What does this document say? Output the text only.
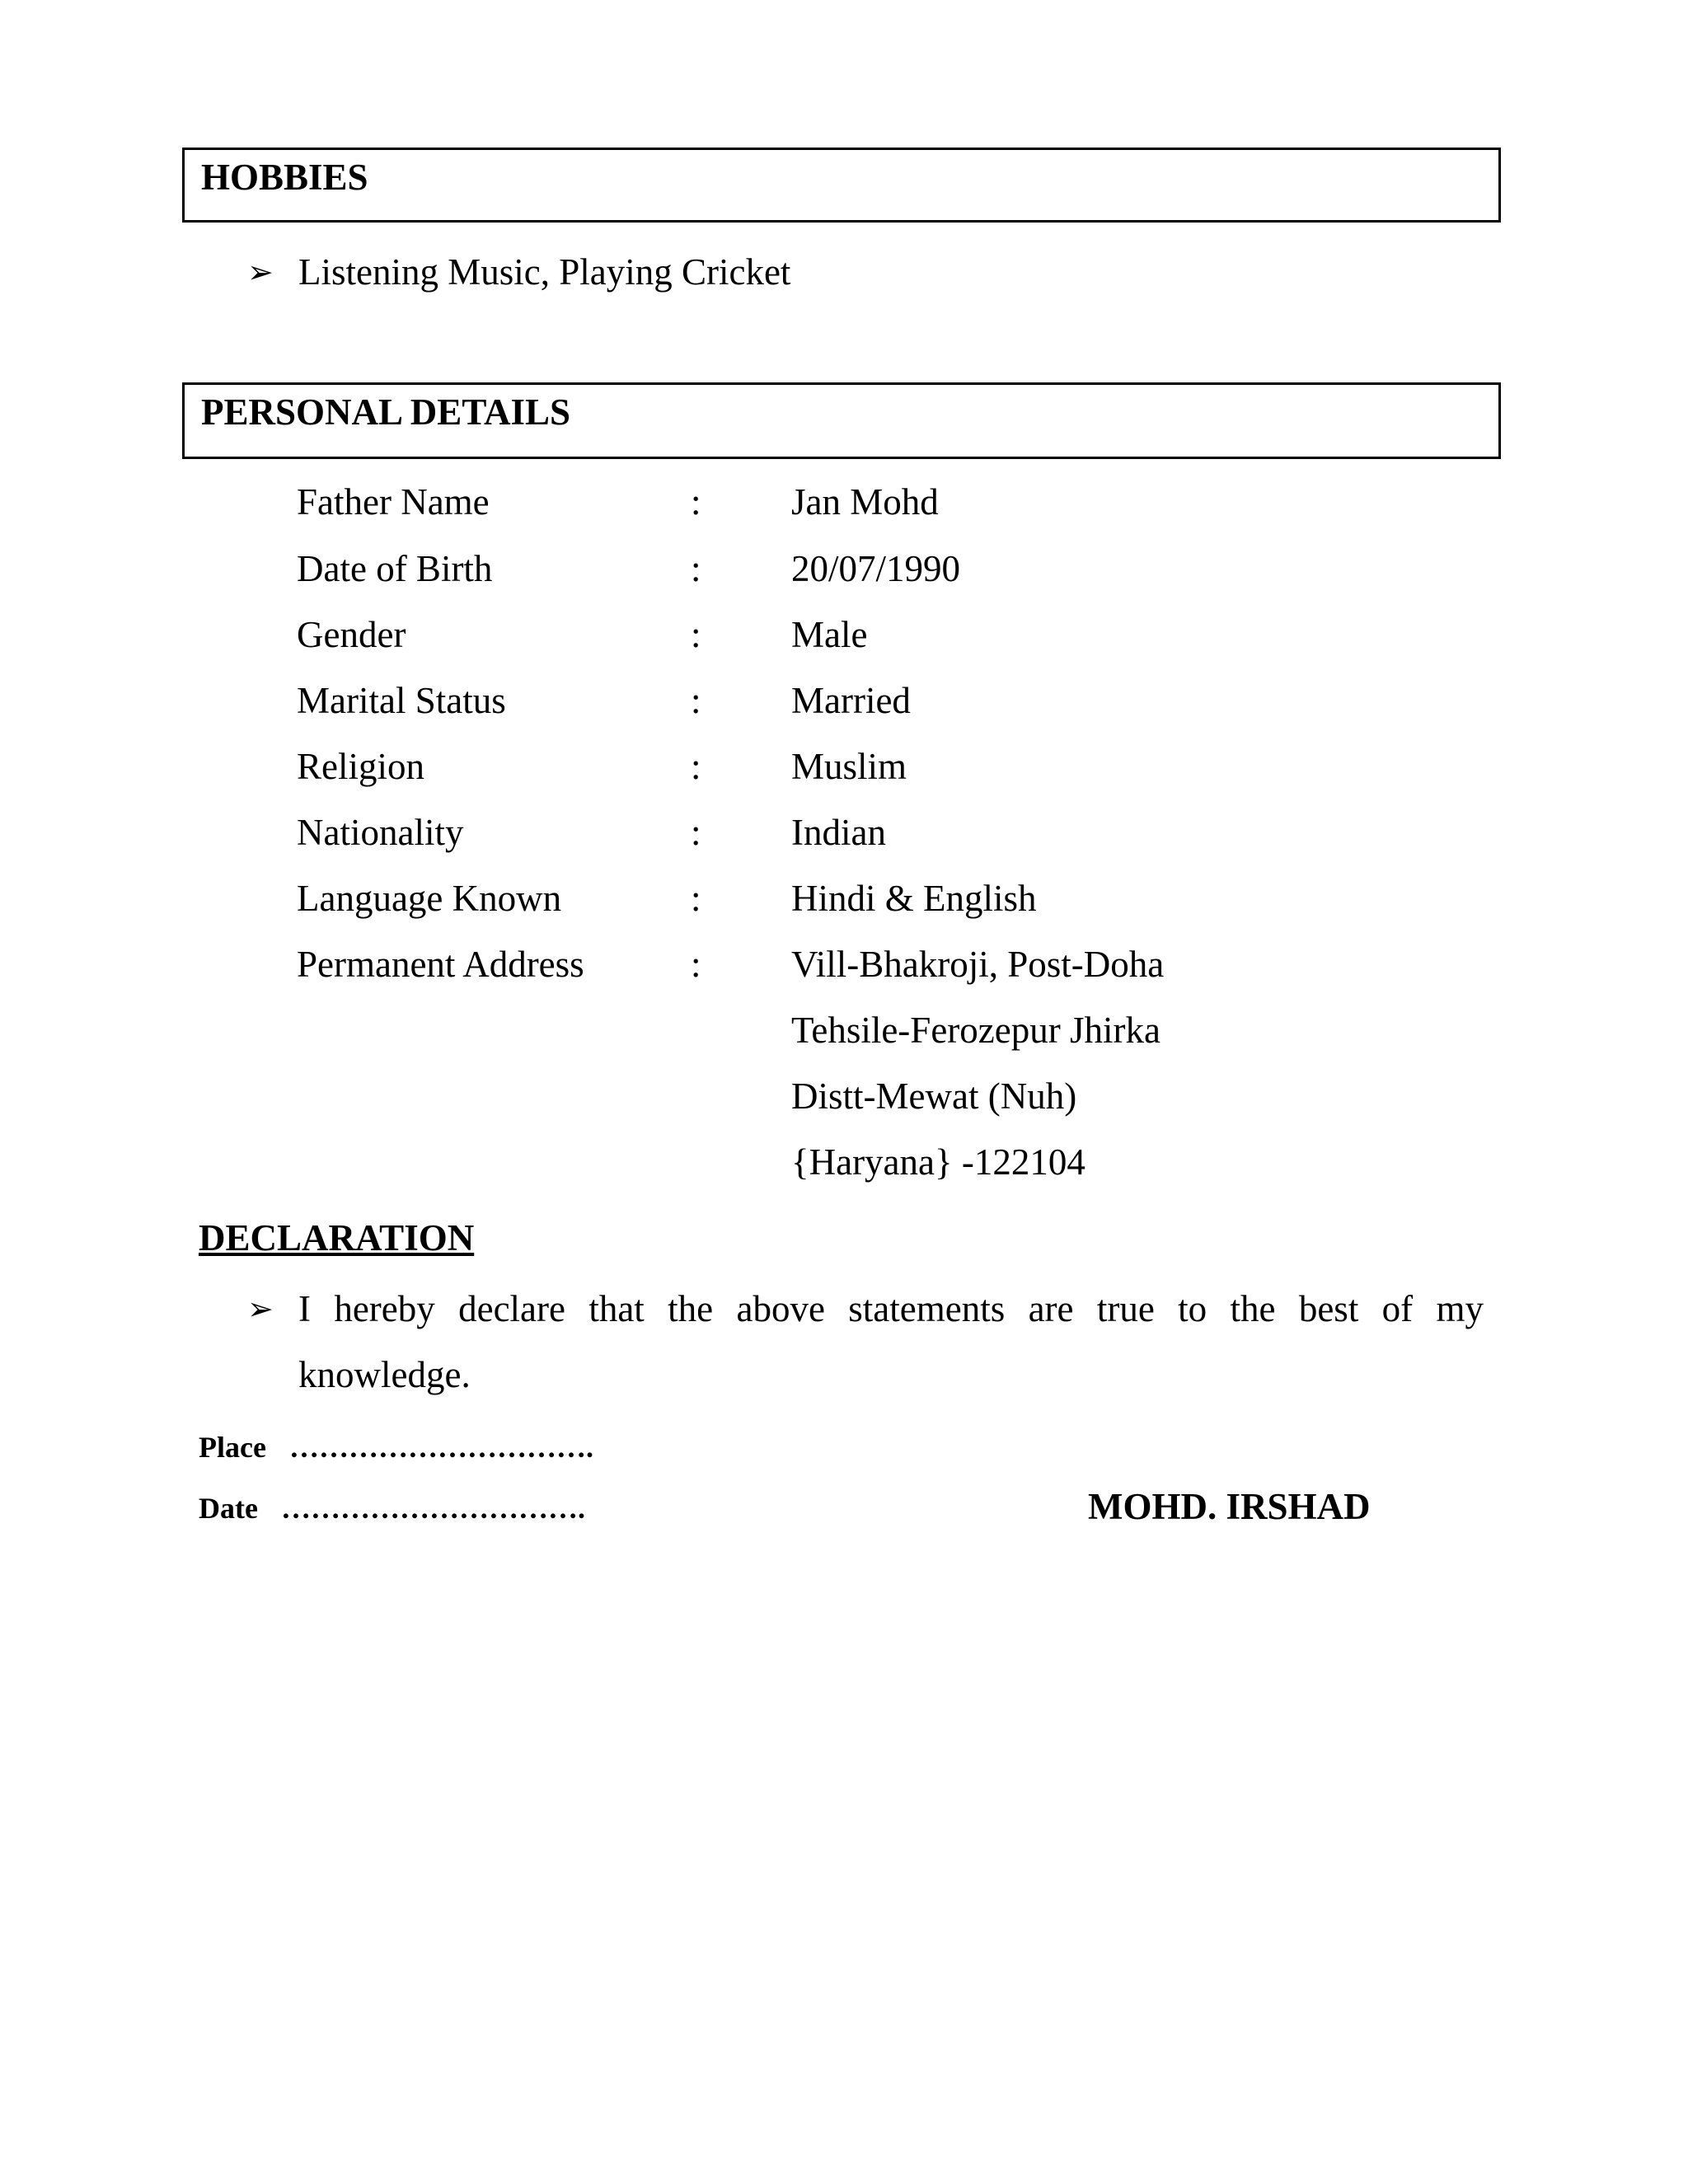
HOBBIES
➢ Listening Music, Playing Cricket
PERSONAL DETAILS
Father Name	: Jan Mohd
Date of Birth	: 20/07/1990
Gender	: Male
Marital Status	: Married
Religion	: Muslim
Nationality	: Indian
Language Known	: Hindi & English
Permanent Address	: Vill-Bhakroji, Post-Doha
Tehsile-Ferozepur Jhirka
Distt-Mewat (Nuh)
{Haryana} -122104
DECLARATION
➢ I hereby declare that the above statements are true to the best of my knowledge.
Place ………………………….
Date ………………………….	MOHD. IRSHAD
